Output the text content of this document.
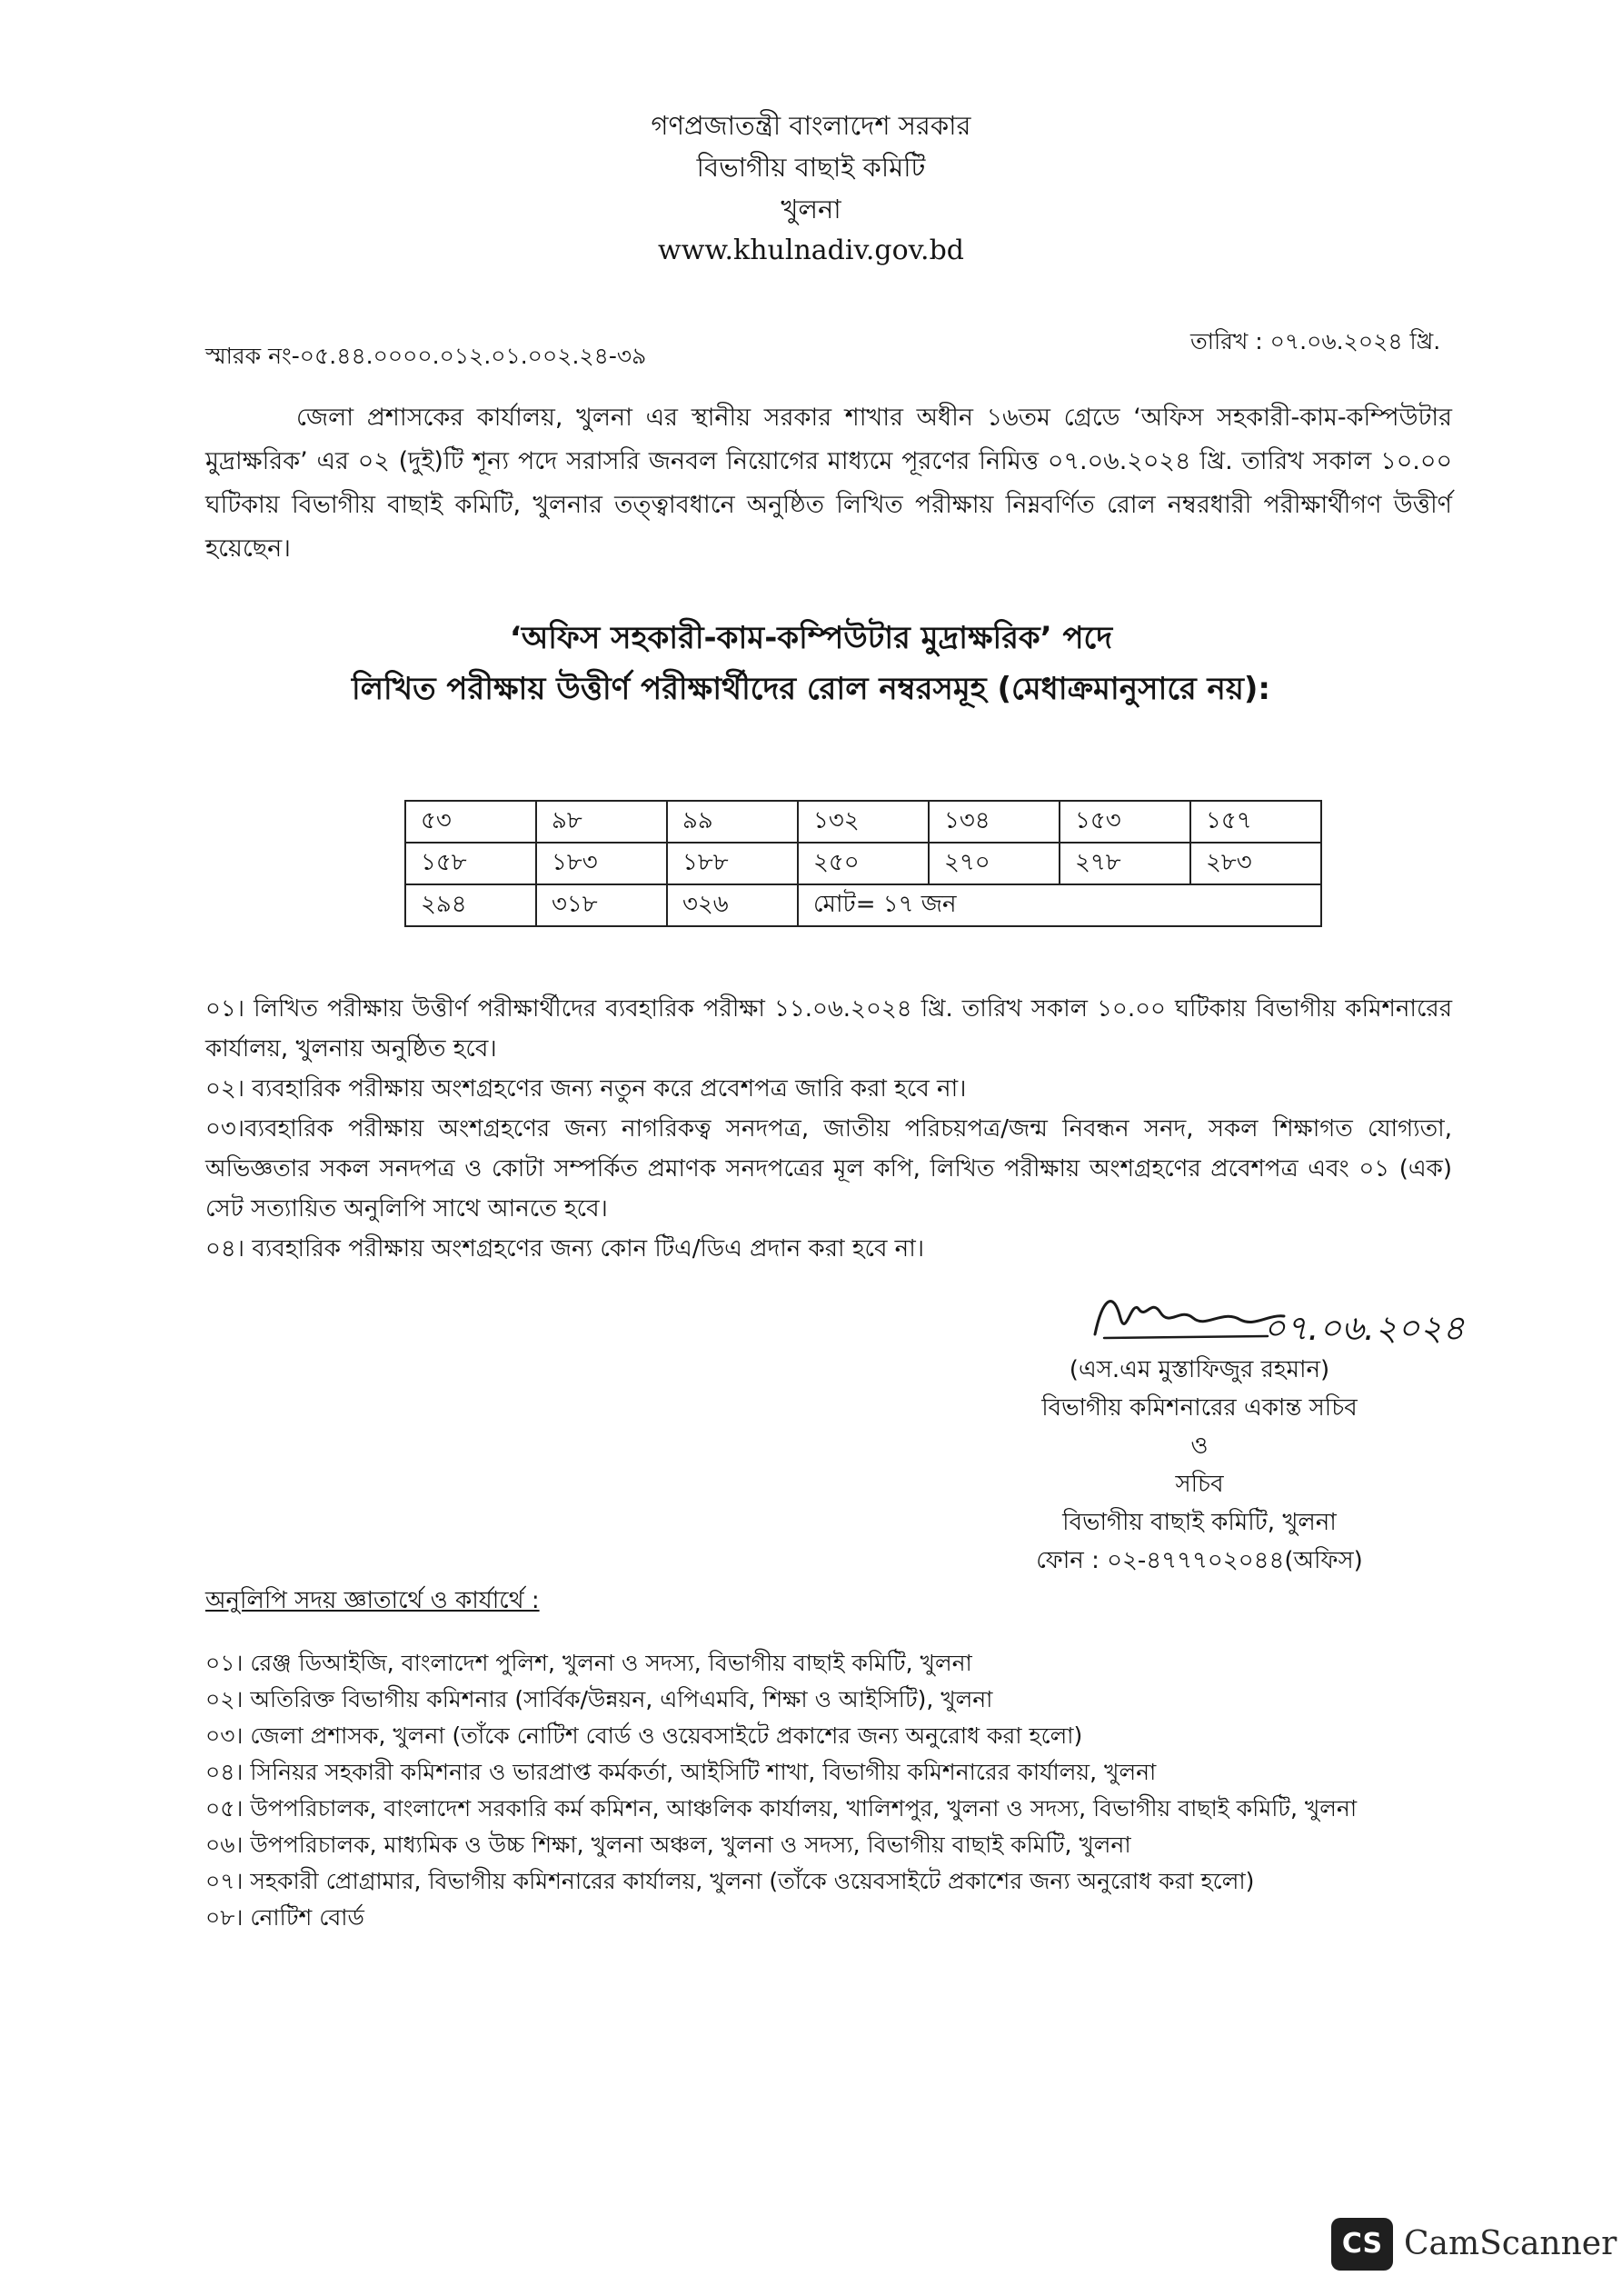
গণপ্রজাতন্ত্রী বাংলাদেশ সরকার
বিভাগীয় বাছাই কমিটি
খুলনা
www.khulnadiv.gov.bd
স্মারক নং-০৫.৪৪.০০০০.০১২.০১.০০২.২৪-৩৯
তারিখ : ০৭.০৬.২০২৪ খ্রি.
জেলা প্রশাসকের কার্যালয়, খুলনা এর স্থানীয় সরকার শাখার অধীন ১৬তম গ্রেডে ‘অফিস সহকারী-কাম-কম্পিউটার মুদ্রাক্ষরিক’ এর ০২ (দুই)টি শূন্য পদে সরাসরি জনবল নিয়োগের মাধ্যমে পূরণের নিমিত্ত ০৭.০৬.২০২৪ খ্রি. তারিখ সকাল ১০.০০ ঘটিকায় বিভাগীয় বাছাই কমিটি, খুলনার তত্ত্বাবধানে অনুষ্ঠিত লিখিত পরীক্ষায় নিম্নবর্ণিত রোল নম্বরধারী পরীক্ষার্থীগণ উত্তীর্ণ হয়েছেন।
‘অফিস সহকারী-কাম-কম্পিউটার মুদ্রাক্ষরিক’ পদে
লিখিত পরীক্ষায় উত্তীর্ণ পরীক্ষার্থীদের রোল নম্বরসমূহ (মেধাক্রমানুসারে নয়):
৫৩	৯৮	৯৯	১৩২	১৩৪	১৫৩	১৫৭
১৫৮	১৮৩	১৮৮	২৫০	২৭০	২৭৮	২৮৩
২৯৪	৩১৮	৩২৬	মোট= ১৭ জন			
০১। লিখিত পরীক্ষায় উত্তীর্ণ পরীক্ষার্থীদের ব্যবহারিক পরীক্ষা ১১.০৬.২০২৪ খ্রি. তারিখ সকাল ১০.০০ ঘটিকায় বিভাগীয় কমিশনারের কার্যালয়, খুলনায় অনুষ্ঠিত হবে।
০২। ব্যবহারিক পরীক্ষায় অংশগ্রহণের জন্য নতুন করে প্রবেশপত্র জারি করা হবে না।
০৩।ব্যবহারিক পরীক্ষায় অংশগ্রহণের জন্য নাগরিকত্ব সনদপত্র, জাতীয় পরিচয়পত্র/জন্ম নিবন্ধন সনদ, সকল শিক্ষাগত যোগ্যতা, অভিজ্ঞতার সকল সনদপত্র ও কোটা সম্পর্কিত প্রমাণক সনদপত্রের মূল কপি, লিখিত পরীক্ষায় অংশগ্রহণের প্রবেশপত্র এবং ০১ (এক) সেট সত্যায়িত অনুলিপি সাথে আনতে হবে।
০৪। ব্যবহারিক পরীক্ষায় অংশগ্রহণের জন্য কোন টিএ/ডিএ প্রদান করা হবে না।
০৭.০৬.২০২৪
(এস.এম মুস্তাফিজুর রহমান)
বিভাগীয় কমিশনারের একান্ত সচিব
ও
সচিব
বিভাগীয় বাছাই কমিটি, খুলনা
ফোন : ০২-৪৭৭৭০২০৪৪(অফিস)
অনুলিপি সদয় জ্ঞাতার্থে ও কার্যার্থে :
০১। রেঞ্জ ডিআইজি, বাংলাদেশ পুলিশ, খুলনা ও সদস্য, বিভাগীয় বাছাই কমিটি, খুলনা
০২। অতিরিক্ত বিভাগীয় কমিশনার (সার্বিক/উন্নয়ন, এপিএমবি, শিক্ষা ও আইসিটি), খুলনা
০৩। জেলা প্রশাসক, খুলনা (তাঁকে নোটিশ বোর্ড ও ওয়েবসাইটে প্রকাশের জন্য অনুরোধ করা হলো)
০৪। সিনিয়র সহকারী কমিশনার ও ভারপ্রাপ্ত কর্মকর্তা, আইসিটি শাখা, বিভাগীয় কমিশনারের কার্যালয়, খুলনা
০৫। উপপরিচালক, বাংলাদেশ সরকারি কর্ম কমিশন, আঞ্চলিক কার্যালয়, খালিশপুর, খুলনা ও সদস্য, বিভাগীয় বাছাই কমিটি, খুলনা
০৬। উপপরিচালক, মাধ্যমিক ও উচ্চ শিক্ষা, খুলনা অঞ্চল, খুলনা ও সদস্য, বিভাগীয় বাছাই কমিটি, খুলনা
০৭। সহকারী প্রোগ্রামার, বিভাগীয় কমিশনারের কার্যালয়, খুলনা (তাঁকে ওয়েবসাইটে প্রকাশের জন্য অনুরোধ করা হলো)
০৮। নোটিশ বোর্ড
CS CamScanner
